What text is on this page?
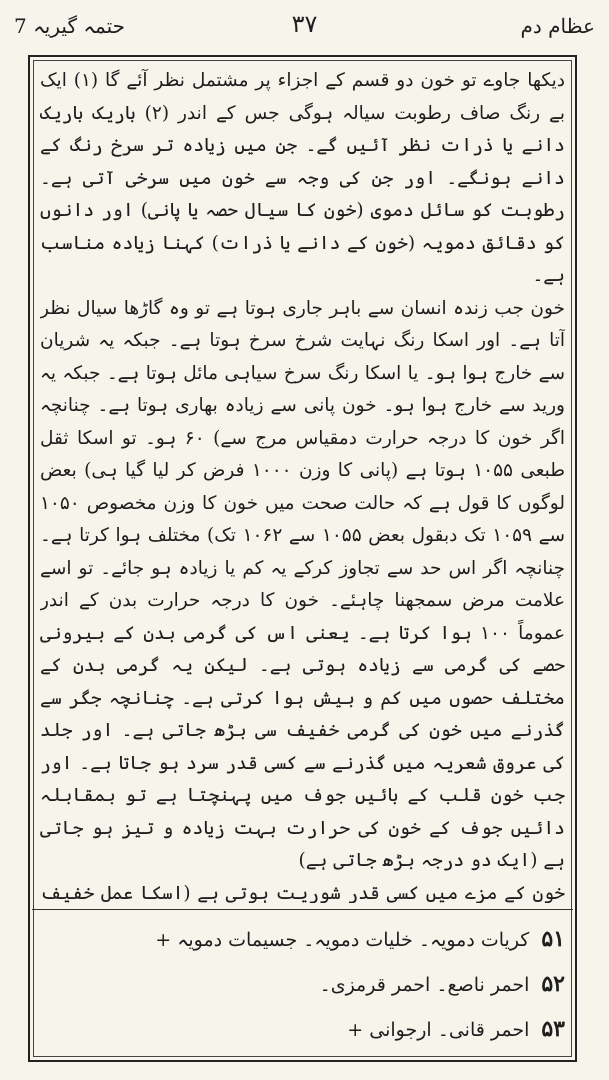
حتمہ گیریہ 7	۳۷	عظام دم

دیکھا جاوے تو خون دو قسم کے اجزاء پر مشتمل نظر آئے گا (۱) ایک بے رنگ صاف رطوبت سیالہ ہوگی جس کے اندر (۲) باریک باریک دانے یا ذرات نظر آئیں گے۔ جن میں زیادہ تر سرخ رنگ کے دانے ہونگے۔ اور جن کی وجہ سے خون میں سرخی آتی ہے۔ رطوبت کو سائل دموی (خون کا سیال حصہ یا پانی) اور دانوں کو دقائق دمویہ (خون کے دانے یا ذرات) کہنا زیادہ مناسب ہے۔

خون جب زندہ انسان سے باہر جاری ہوتا ہے تو وہ گاڑھا سیال نظر آتا ہے۔ اور اسکا رنگ نہایت شرخ سرخ ہوتا ہے۔ جبکہ یہ شریان سے خارج ہوا ہو۔ یا اسکا رنگ سرخ سیاہی مائل ہوتا ہے۔ جبکہ یہ ورید سے خارج ہوا ہو۔ خون پانی سے زیادہ بھاری ہوتا ہے۔ چنانچہ اگر خون کا درجہ حرارت دمقیاس مرج سے) ۶۰ ہو۔ تو اسکا ثقل طبعی ۱۰۵۵ ہوتا ہے (پانی کا وزن ۱۰۰۰ فرض کر لیا گیا ہی) بعض لوگوں کا قول ہے کہ حالت صحت میں خون کا وزن مخصوص ۱۰۵۰ سے ۱۰۵۹ تک دبقول بعض ۱۰۵۵ سے ۱۰۶۲ تک) مختلف ہوا کرتا ہے۔ چنانچہ اگر اس حد سے تجاوز کرکے یہ کم یا زیادہ ہو جائے۔ تو اسے علامت مرض سمجھنا چاہئے۔ خون کا درجہ حرارت بدن کے اندر عموماً ۱۰۰ ہوا کرتا ہے۔ یعنی اس کی گرمی بدن کے بیرونی حصے کی گرمی سے زیادہ ہوتی ہے۔ لیکن یہ گرمی بدن کے مختلف حصوں میں کم و بیش ہوا کرتی ہے۔ چنانچہ جگر سے گذرنے میں خون کی گرمی خفیف سی بڑھ جاتی ہے۔ اور جلد کی عروق شعریہ میں گذرنے سے کسی قدر سرد ہو جاتا ہے۔ اور جب خون قلب کے بائیں جوف میں پہنچتا ہے تو بمقابلہ دائیں جوف کے خون کی حرارت بہت زیادہ و تیز ہو جاتی ہے (ایک دو درجہ بڑھ جاتی ہے)

خون کے مزے میں کسی قدر شوریت ہوتی ہے (اسکا عمل خفیف

۵۱
کریات دمویہ۔ خلیات دمویہ۔ جسیمات دمویہ +
۵۲
احمر ناصع۔ احمر قرمزی۔
۵۳
احمر قانی۔ ارجوانی +
